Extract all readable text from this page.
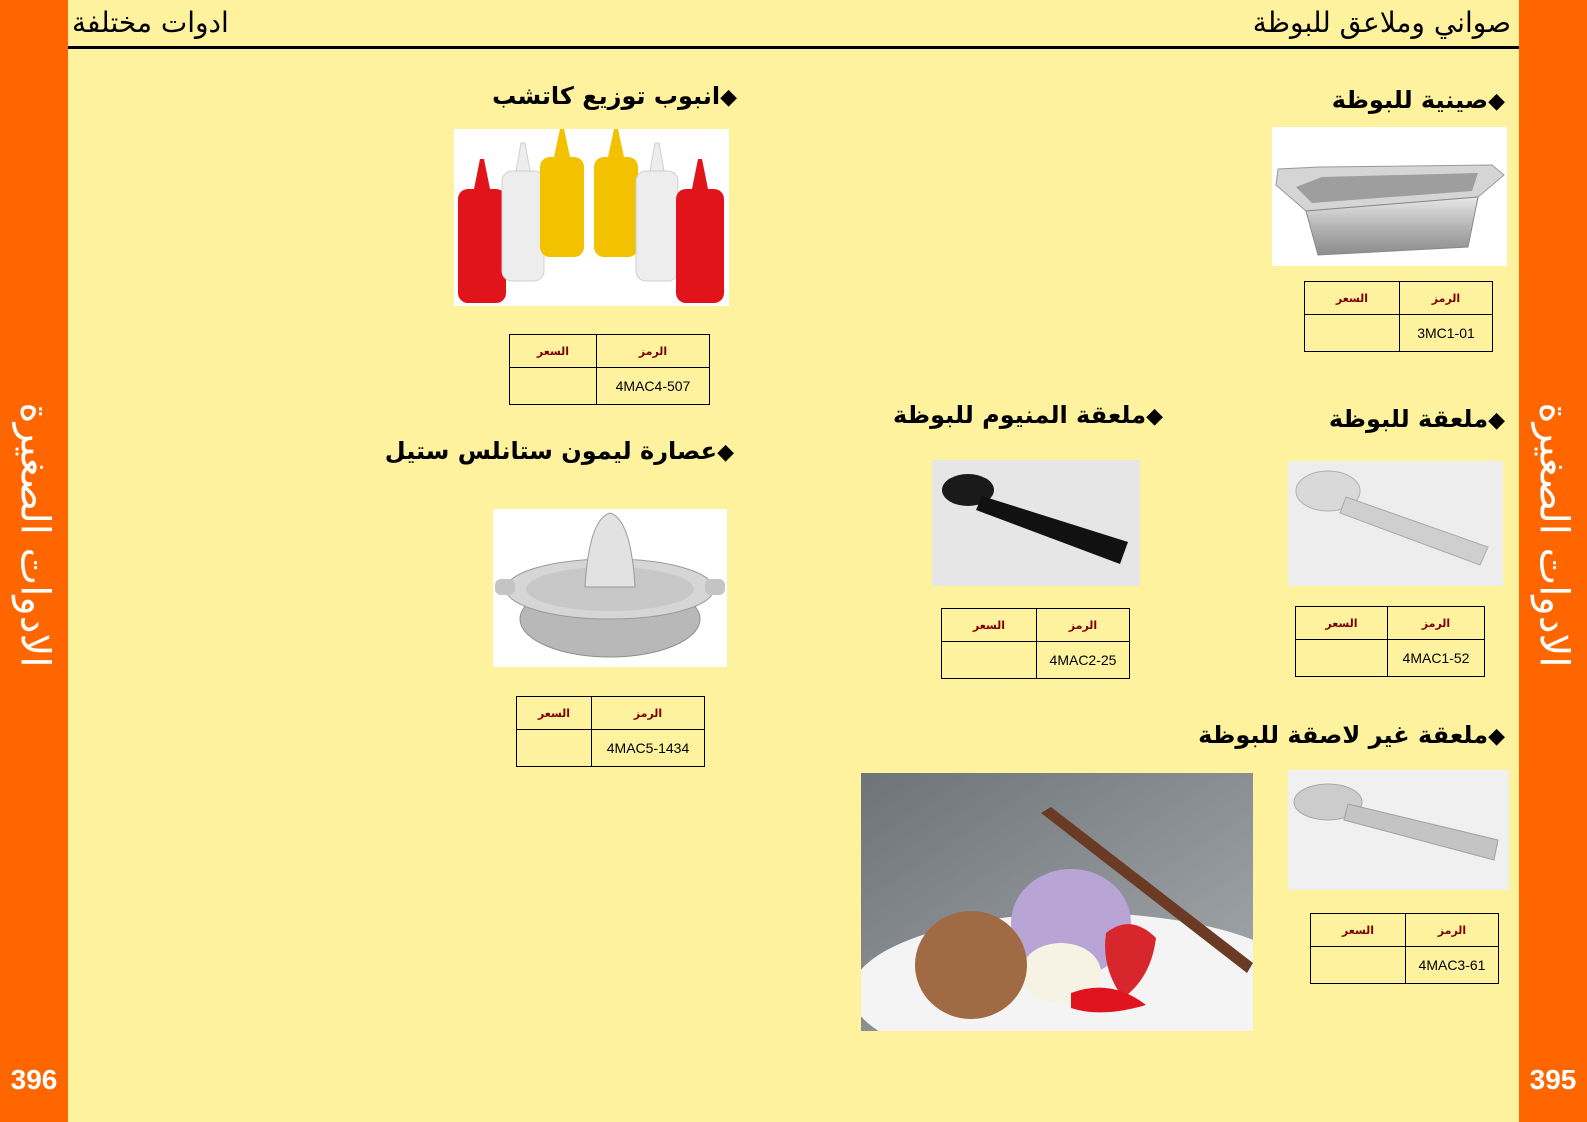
الادوات الصغيرة
396
الادوات الصغيرة
395
ادوات مختلفة	صواني وملاعق للبوظة
◆صينية للبوظة
الرمز	السعر
3MC1-01	
◆ملعقة للبوظة
الرمز	السعر
4MAC1-52	
◆ملعقة المنيوم للبوظة
الرمز	السعر
4MAC2-25	
◆ملعقة غير لاصقة للبوظة
الرمز	السعر
4MAC3-61	
◆انبوب توزيع كاتشب
الرمز	السعر
4MAC4-507	
◆عصارة ليمون ستانلس ستيل
الرمز	السعر
4MAC5-1434	
